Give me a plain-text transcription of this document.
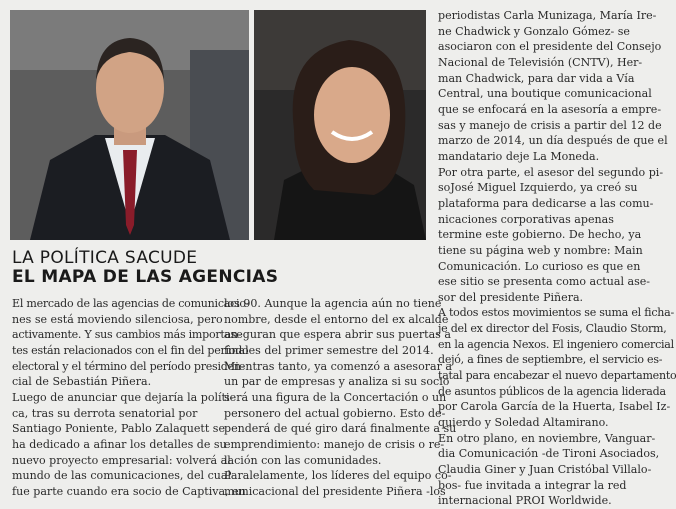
LA POLÍTICA SACUDE
EL MAPA DE LAS AGENCIAS
El mercado de las agencias de comunicacio-
nes se está moviendo silenciosa, pero
activamente. Y sus cambios más importan-
tes están relacionados con el fin del período
electoral y el término del período presiden-
cial de Sebastián Piñera.
Luego de anunciar que dejaría la políti-
ca, tras su derrota senatorial por
Santiago Poniente, Pablo Zalaquett se
ha dedicado a afinar los detalles de su
nuevo proyecto empresarial: volverá al
mundo de las comunicaciones, del cual
fue parte cuando era socio de Captiva, en
los 90. Aunque la agencia aún no tiene
nombre, desde el entorno del ex alcalde
aseguran que espera abrir sus puertas a
finales del primer semestre del 2014.
Mientras tanto, ya comenzó a asesorar a
un par de empresas y analiza si su socio
será una figura de la Concertación o un
personero del actual gobierno. Esto de-
penderá de qué giro dará finalmente a su
emprendimiento: manejo de crisis o re-
lación con las comunidades.
Paralelamente, los líderes del equipo co-
municacional del presidente Piñera -los
periodistas Carla Munizaga, María Ire-
ne Chadwick y Gonzalo Gómez- se
asociaron con el presidente del Consejo
Nacional de Televisión (CNTV), Her-
man Chadwick, para dar vida a Vía
Central, una boutique comunicacional
que se enfocará en la asesoría a empre-
sas y manejo de crisis a partir del 12 de
marzo de 2014, un día después de que el
mandatario deje La Moneda.
Por otra parte, el asesor del segundo pi-
soJosé Miguel Izquierdo, ya creó su
plataforma para dedicarse a las comu-
nicaciones corporativas apenas
termine este gobierno. De hecho, ya
tiene su página web y nombre: Main
Comunicación. Lo curioso es que en
ese sitio se presenta como actual ase-
sor del presidente Piñera.
A todos estos movimientos se suma el ficha-
je del ex director del Fosis, Claudio Storm,
en la agencia Nexos. El ingeniero comercial
dejó, a fines de septiembre, el servicio es-
tatal para encabezar el nuevo departamento
de asuntos públicos de la agencia liderada
por Carola García de la Huerta, Isabel Iz-
quierdo y Soledad Altamirano.
En otro plano, en noviembre, Vanguar-
dia Comunicación -de Tironi Asociados,
Claudia Giner y Juan Cristóbal Villalo-
bos- fue invitada a integrar la red
internacional PROI Worldwide.
